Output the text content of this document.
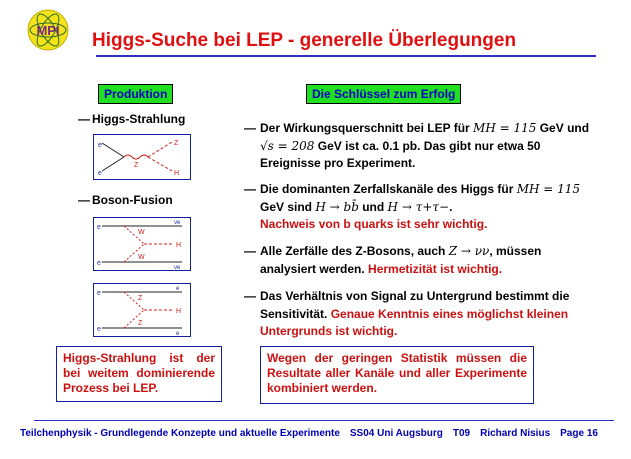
MPI Higgs-Suche bei LEP - generelle Überlegungen
Produktion
— Higgs-Strahlung
e
e
Z
Z
H
— Boson-Fusion
e
e
W
W
H
νe
νe
e
e
Z
Z
H
e
e
Higgs-Strahlung ist der bei weitem dominierende Prozess bei LEP.
Die Schlüssel zum Erfolg
— Der Wirkungsquerschnitt bei LEP für MH = 115 GeV und √s = 208 GeV ist ca. 0.1 pb. Das gibt nur etwa 50 Ereignisse pro Experiment.
— Die dominanten Zerfallskanäle des Higgs für MH = 115 GeV sind H → bb̄ und H → τ+τ−.
Nachweis von b quarks ist sehr wichtig.
— Alle Zerfälle des Z-Bosons, auch Z → νν, müssen analysiert werden. Hermetizität ist wichtig.
— Das Verhältnis von Signal zu Untergrund bestimmt die Sensitivität. Genaue Kenntnis eines möglichst kleinen Untergrunds ist wichtig.
Wegen der geringen Statistik müssen die Resultate aller Kanäle und aller Experimente kombiniert werden.
Teilchenphysik - Grundlegende Konzepte und aktuelle Experimente SS04 Uni Augsburg T09 Richard Nisius Page 16
